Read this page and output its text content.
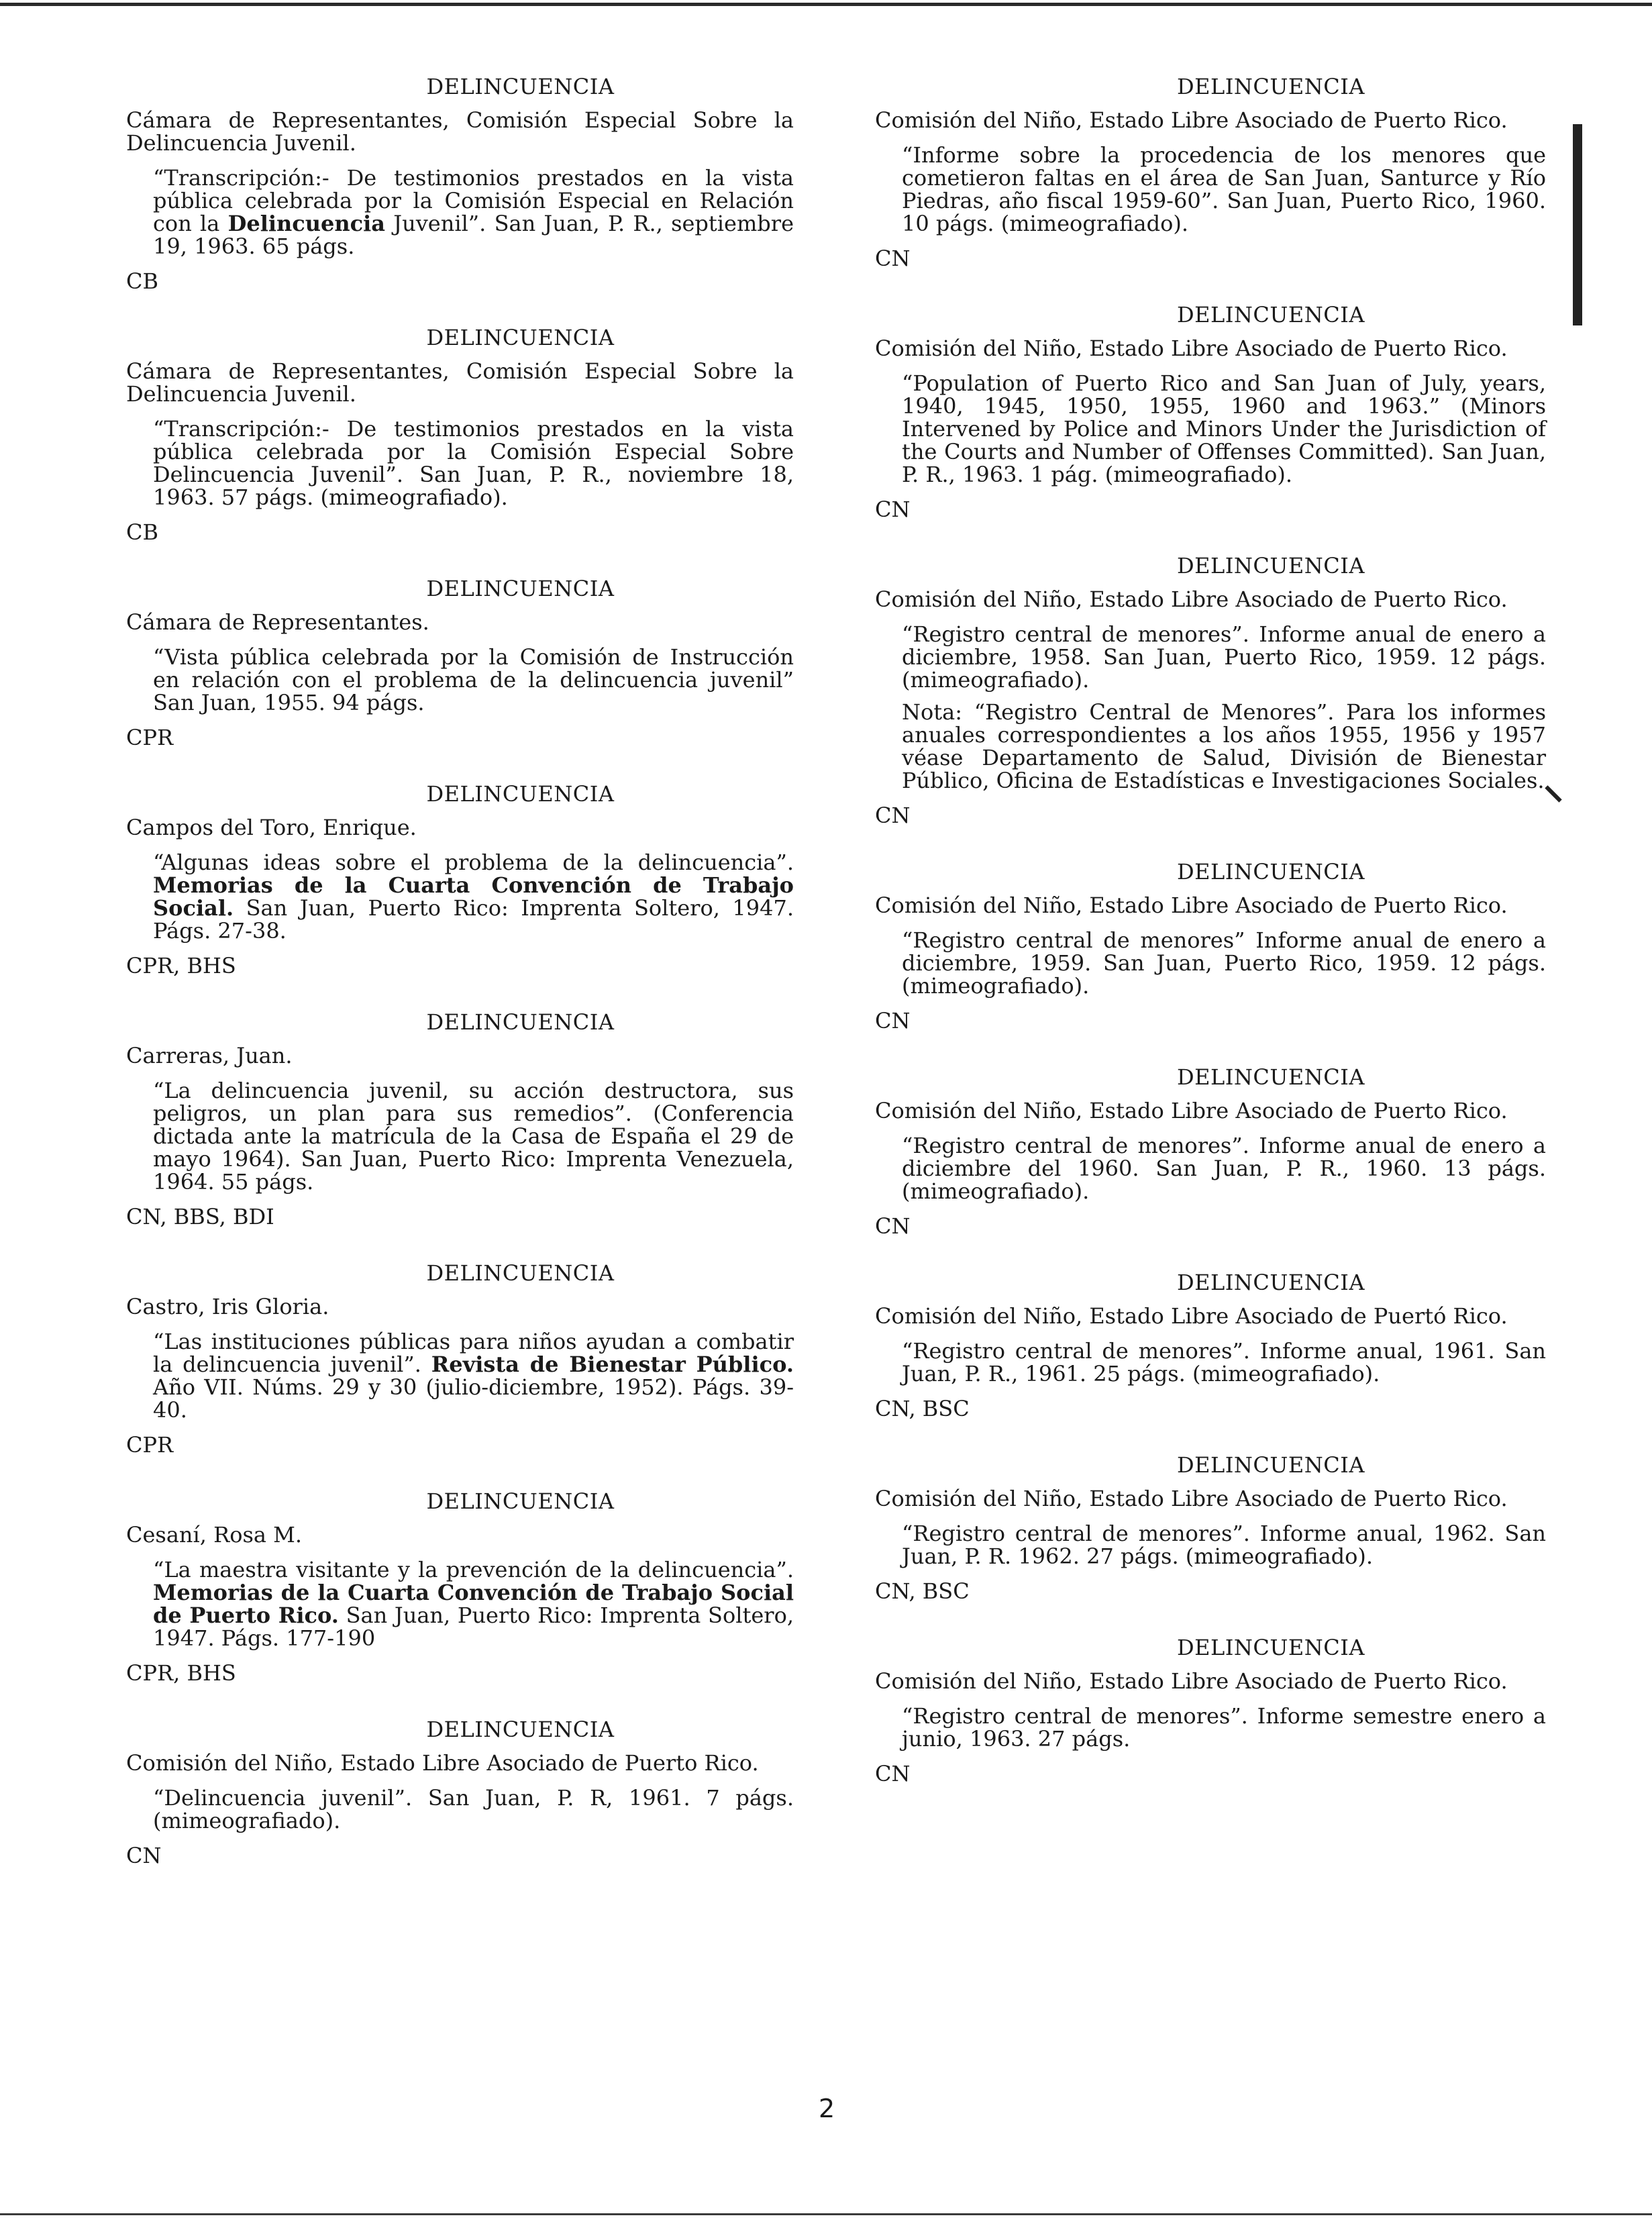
DELINCUENCIA
Cámara de Representantes, Comisión Especial Sobre la Delincuencia Juvenil.
“Transcripción:- De testimonios prestados en la vista pública celebrada por la Comisión Especial en Relación con la Delincuencia Juvenil”. San Juan, P. R., septiembre 19, 1963. 65 págs.
CB
DELINCUENCIA
Cámara de Representantes, Comisión Especial Sobre la Delincuencia Juvenil.
“Transcripción:- De testimonios prestados en la vista pública celebrada por la Comisión Especial Sobre Delincuencia Juvenil”. San Juan, P. R., noviembre 18, 1963. 57 págs. (mimeografiado).
CB
DELINCUENCIA
Cámara de Representantes.
“Vista pública celebrada por la Comisión de Instrucción en relación con el problema de la delincuencia juvenil” San Juan, 1955. 94 págs.
CPR
DELINCUENCIA
Campos del Toro, Enrique.
“Algunas ideas sobre el problema de la delincuencia”. Memorias de la Cuarta Convención de Trabajo Social. San Juan, Puerto Rico: Imprenta Soltero, 1947. Págs. 27-38.
CPR, BHS
DELINCUENCIA
Carreras, Juan.
“La delincuencia juvenil, su acción destructora, sus peligros, un plan para sus remedios”. (Conferencia dictada ante la matrícula de la Casa de España el 29 de mayo 1964). San Juan, Puerto Rico: Imprenta Venezuela, 1964. 55 págs.
CN, BBS, BDI
DELINCUENCIA
Castro, Iris Gloria.
“Las instituciones públicas para niños ayudan a combatir la delincuencia juvenil”. Revista de Bienestar Público. Año VII. Núms. 29 y 30 (julio-diciembre, 1952). Págs. 39-40.
CPR
DELINCUENCIA
Cesaní, Rosa M.
“La maestra visitante y la prevención de la delincuencia”. Memorias de la Cuarta Convención de Trabajo Social de Puerto Rico. San Juan, Puerto Rico: Imprenta Soltero, 1947. Págs. 177-190
CPR, BHS
DELINCUENCIA
Comisión del Niño, Estado Libre Asociado de Puerto Rico.
“Delincuencia juvenil”. San Juan, P. R, 1961. 7 págs. (mimeografiado).
CN
DELINCUENCIA
Comisión del Niño, Estado Libre Asociado de Puerto Rico.
“Informe sobre la procedencia de los menores que cometieron faltas en el área de San Juan, Santurce y Río Piedras, año fiscal 1959-60”. San Juan, Puerto Rico, 1960. 10 págs. (mimeografiado).
CN
DELINCUENCIA
Comisión del Niño, Estado Libre Asociado de Puerto Rico.
“Population of Puerto Rico and San Juan of July, years, 1940, 1945, 1950, 1955, 1960 and 1963.” (Minors Intervened by Police and Minors Under the Jurisdiction of the Courts and Number of Offenses Committed). San Juan, P. R., 1963. 1 pág. (mimeografiado).
CN
DELINCUENCIA
Comisión del Niño, Estado Libre Asociado de Puerto Rico.
“Registro central de menores”. Informe anual de enero a diciembre, 1958. San Juan, Puerto Rico, 1959. 12 págs. (mimeografiado).
Nota: “Registro Central de Menores”. Para los informes anuales correspondientes a los años 1955, 1956 y 1957 véase Departamento de Salud, División de Bienestar Público, Oficina de Estadísticas e Investigaciones Sociales.
CN
DELINCUENCIA
Comisión del Niño, Estado Libre Asociado de Puerto Rico.
“Registro central de menores” Informe anual de enero a diciembre, 1959. San Juan, Puerto Rico, 1959. 12 págs. (mimeografiado).
CN
DELINCUENCIA
Comisión del Niño, Estado Libre Asociado de Puerto Rico.
“Registro central de menores”. Informe anual de enero a diciembre del 1960. San Juan, P. R., 1960. 13 págs. (mimeografiado).
CN
DELINCUENCIA
Comisión del Niño, Estado Libre Asociado de Puertó Rico.
“Registro central de menores”. Informe anual, 1961. San Juan, P. R., 1961. 25 págs. (mimeografiado).
CN, BSC
DELINCUENCIA
Comisión del Niño, Estado Libre Asociado de Puerto Rico.
“Registro central de menores”. Informe anual, 1962. San Juan, P. R. 1962. 27 págs. (mimeografiado).
CN, BSC
DELINCUENCIA
Comisión del Niño, Estado Libre Asociado de Puerto Rico.
“Registro central de menores”. Informe semestre enero a junio, 1963. 27 págs.
CN
2
